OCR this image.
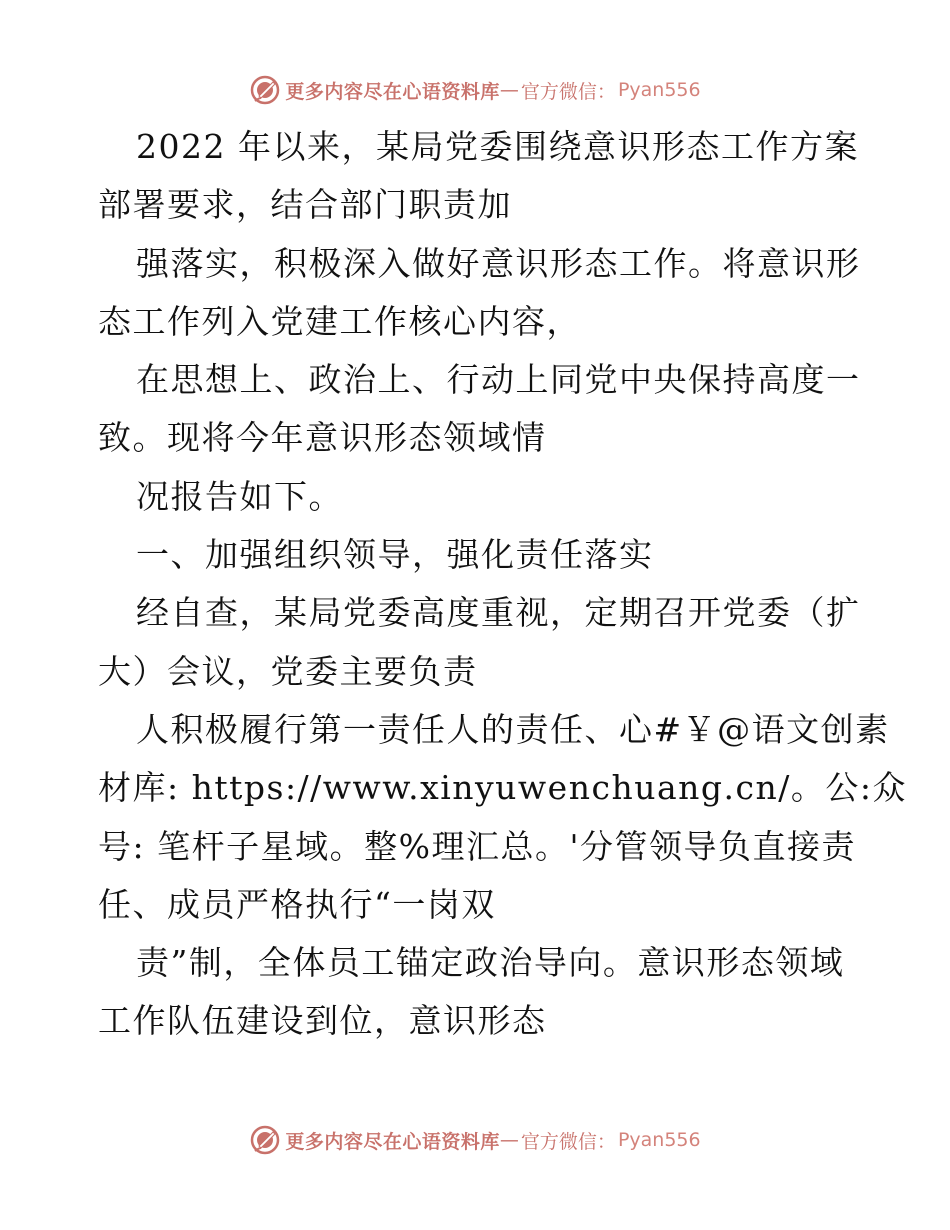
更多内容尽在心语资料库 — 官方微信： Pyan556
2022 年以来，某局党委围绕意识形态工作方案
部署要求，结合部门职责加
强落实，积极深入做好意识形态工作。将意识形
态工作列入党建工作核心内容，
在思想上、政治上、行动上同党中央保持高度一
致。现将今年意识形态领域情
况报告如下。
一、加强组织领导，强化责任落实
经自查，某局党委高度重视，定期召开党委（扩
大）会议，党委主要负责
人积极履行第一责任人的责任、心#￥@语文创素
材库: https://www.xinyuwenchuang.cn/。公:众
号: 笔杆子星域。整%理汇总。'分管领导负直接责
任、成员严格执行“一岗双
责”制，全体员工锚定政治导向。意识形态领域
工作队伍建设到位，意识形态
更多内容尽在心语资料库 — 官方微信： Pyan556
